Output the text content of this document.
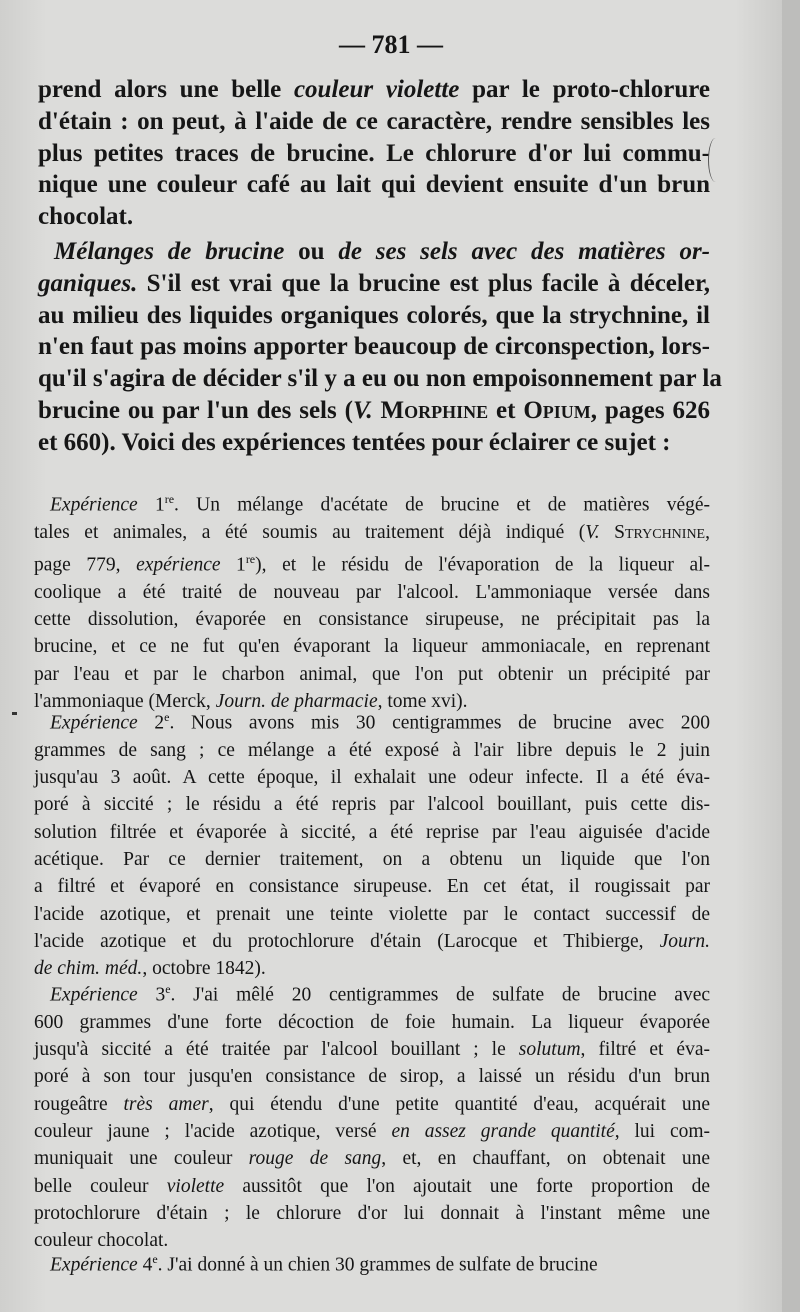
— 781 —
prend alors une belle couleur violette par le proto-chlorure
d'étain : on peut, à l'aide de ce caractère, rendre sensibles les
plus petites traces de brucine. Le chlorure d'or lui commu-
nique une couleur café au lait qui devient ensuite d'un brun
chocolat.
Mélanges de brucine ou de ses sels avec des matières or-
ganiques. S'il est vrai que la brucine est plus facile à déceler,
au milieu des liquides organiques colorés, que la strychnine, il
n'en faut pas moins apporter beaucoup de circonspection, lors-
qu'il s'agira de décider s'il y a eu ou non empoisonnement par la
brucine ou par l'un des sels (V. Morphine et Opium, pages 626
et 660). Voici des expériences tentées pour éclairer ce sujet :
Expérience 1re. Un mélange d'acétate de brucine et de matières végé-
tales et animales, a été soumis au traitement déjà indiqué (V. Strychnine,
page 779, expérience 1re), et le résidu de l'évaporation de la liqueur al-
coolique a été traité de nouveau par l'alcool. L'ammoniaque versée dans
cette dissolution, évaporée en consistance sirupeuse, ne précipitait pas la
brucine, et ce ne fut qu'en évaporant la liqueur ammoniacale, en reprenant
par l'eau et par le charbon animal, que l'on put obtenir un précipité par
l'ammoniaque (Merck, Journ. de pharmacie, tome xvi).
Expérience 2e. Nous avons mis 30 centigrammes de brucine avec 200
grammes de sang ; ce mélange a été exposé à l'air libre depuis le 2 juin
jusqu'au 3 août. A cette époque, il exhalait une odeur infecte. Il a été éva-
poré à siccité ; le résidu a été repris par l'alcool bouillant, puis cette dis-
solution filtrée et évaporée à siccité, a été reprise par l'eau aiguisée d'acide
acétique. Par ce dernier traitement, on a obtenu un liquide que l'on
a filtré et évaporé en consistance sirupeuse. En cet état, il rougissait par
l'acide azotique, et prenait une teinte violette par le contact successif de
l'acide azotique et du protochlorure d'étain (Larocque et Thibierge, Journ.
de chim. méd., octobre 1842).
Expérience 3e. J'ai mêlé 20 centigrammes de sulfate de brucine avec
600 grammes d'une forte décoction de foie humain. La liqueur évaporée
jusqu'à siccité a été traitée par l'alcool bouillant ; le solutum, filtré et éva-
poré à son tour jusqu'en consistance de sirop, a laissé un résidu d'un brun
rougeâtre très amer, qui étendu d'une petite quantité d'eau, acquérait une
couleur jaune ; l'acide azotique, versé en assez grande quantité, lui com-
muniquait une couleur rouge de sang, et, en chauffant, on obtenait une
belle couleur violette aussitôt que l'on ajoutait une forte proportion de
protochlorure d'étain ; le chlorure d'or lui donnait à l'instant même une
couleur chocolat.
Expérience 4e. J'ai donné à un chien 30 grammes de sulfate de brucine
